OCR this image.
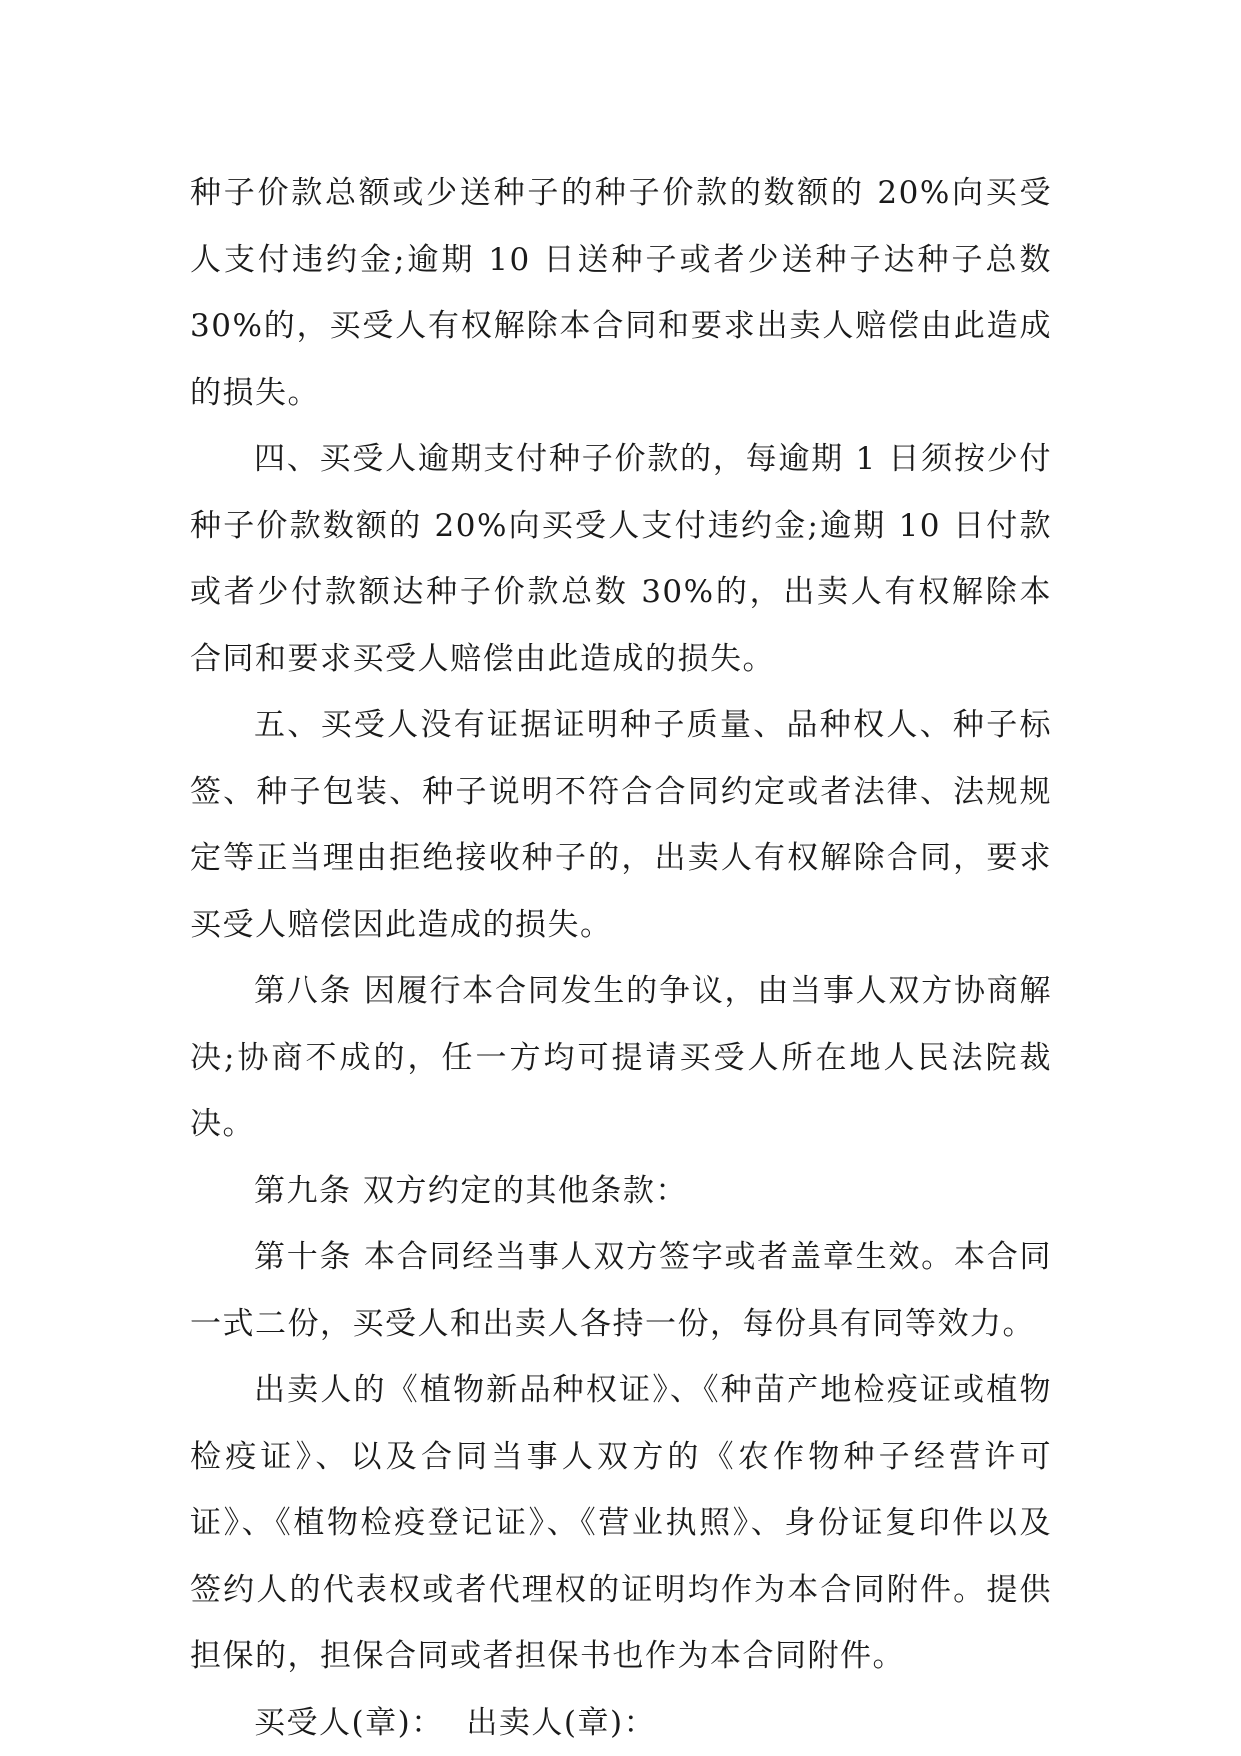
种子价款总额或少送种子的种子价款的数额的 20%向买受人支付违约金;逾期 10 日送种子或者少送种子达种子总数 30%的，买受人有权解除本合同和要求出卖人赔偿由此造成的损失。

四、买受人逾期支付种子价款的，每逾期 1 日须按少付种子价款数额的 20%向买受人支付违约金;逾期 10 日付款或者少付款额达种子价款总数 30%的，出卖人有权解除本合同和要求买受人赔偿由此造成的损失。

五、买受人没有证据证明种子质量、品种权人、种子标签、种子包装、种子说明不符合合同约定或者法律、法规规定等正当理由拒绝接收种子的，出卖人有权解除合同，要求买受人赔偿因此造成的损失。

第八条 因履行本合同发生的争议，由当事人双方协商解决;协商不成的，任一方均可提请买受人所在地人民法院裁决。

第九条 双方约定的其他条款：

第十条 本合同经当事人双方签字或者盖章生效。本合同一式二份，买受人和出卖人各持一份，每份具有同等效力。

出卖人的《植物新品种权证》、《种苗产地检疫证或植物检疫证》、以及合同当事人双方的《农作物种子经营许可证》、《植物检疫登记证》、《营业执照》、身份证复印件以及签约人的代表权或者代理权的证明均作为本合同附件。提供担保的，担保合同或者担保书也作为本合同附件。

买受人(章)： 出卖人(章)：
